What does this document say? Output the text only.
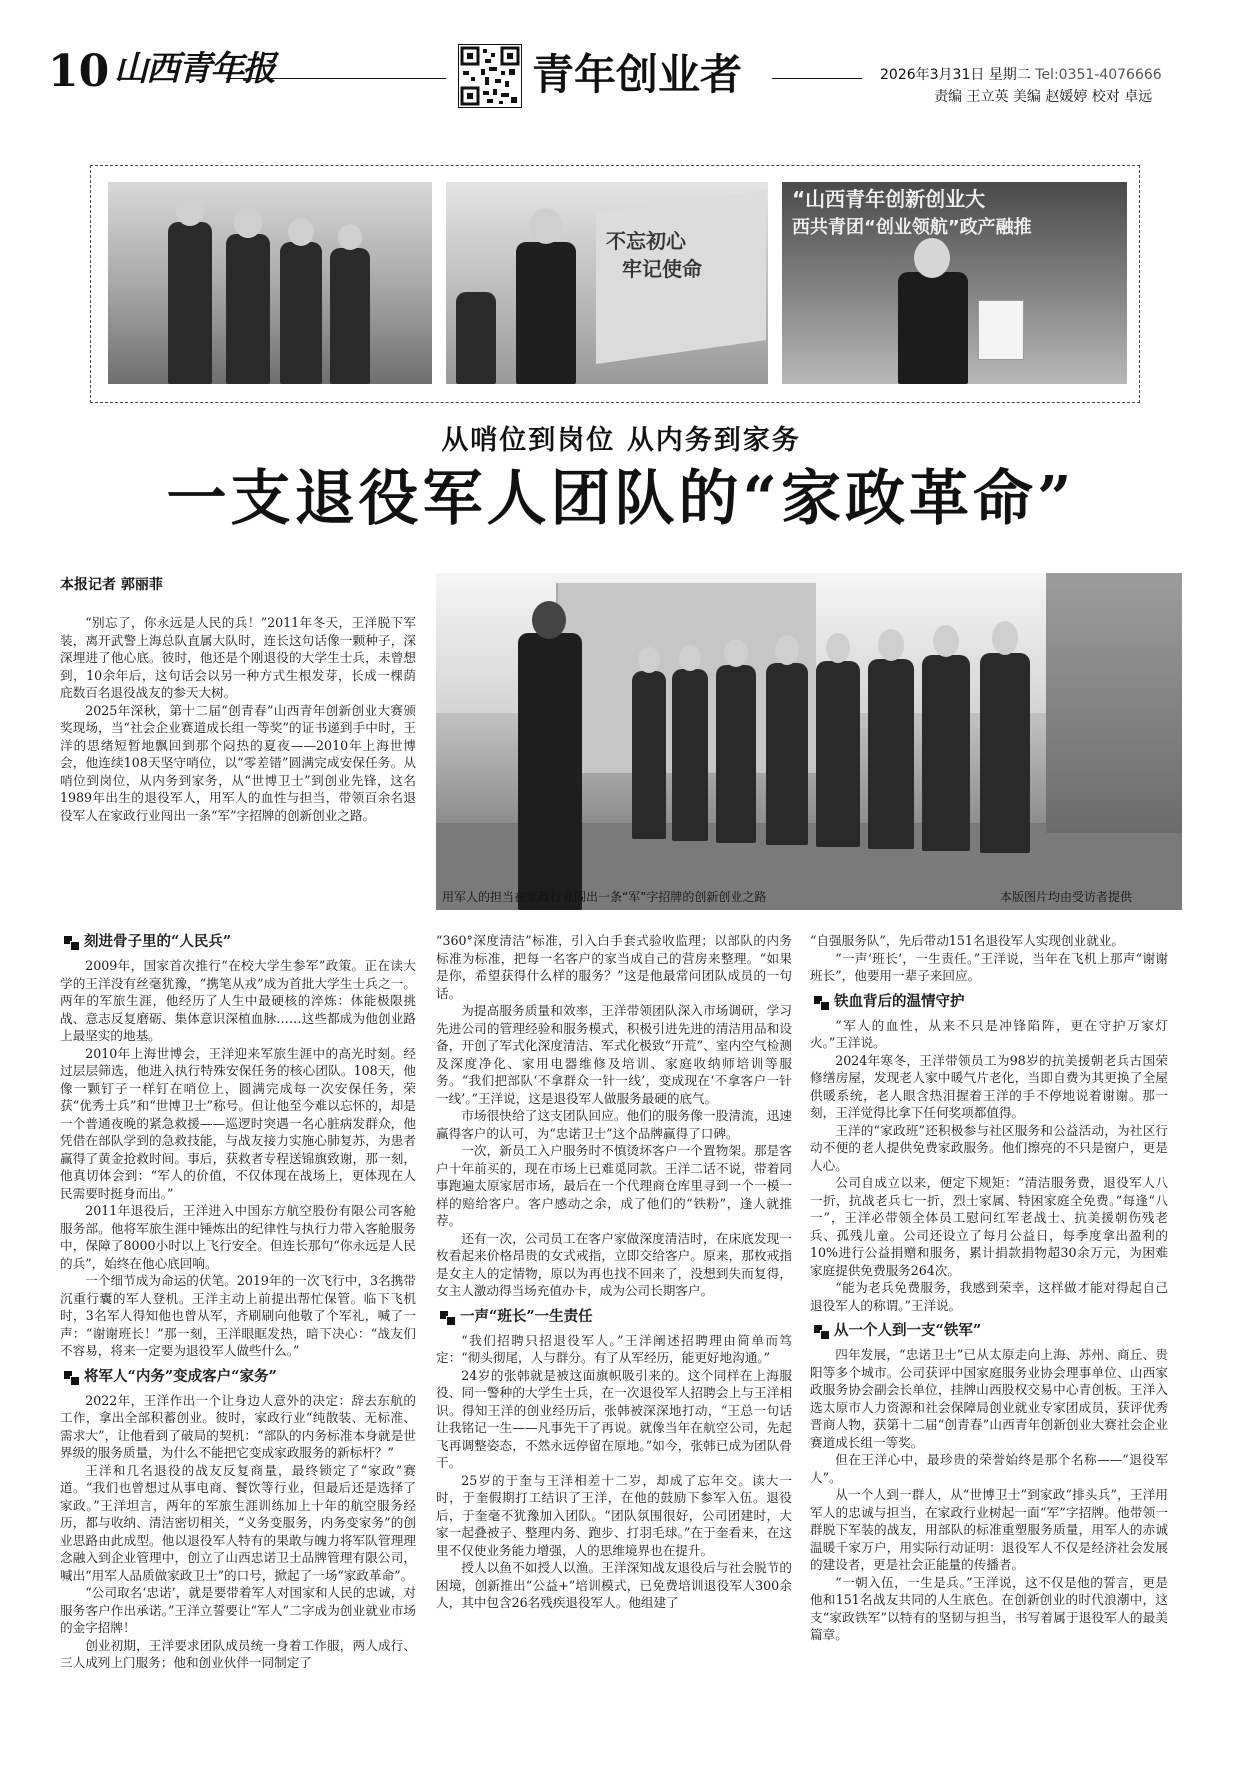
10 山西青年报	青年创业者	2026年3月31日 星期二 Tel:0351-4076666
责编 王立英 美编 赵媛婷 校对 卓远
不忘初心
牢记使命
“山西青年创新创业大
西共青团“创业领航”政产融推
从哨位到岗位 从内务到家务
一支退役军人团队的“家政革命”
本报记者 郭丽菲
用军人的担当在家政行业闯出一条“军”字招牌的创新创业之路	本版图片均由受访者提供

“别忘了，你永远是人民的兵！”2011年冬天，王洋脱下军装，离开武警上海总队直属大队时，连长这句话像一颗种子，深深埋进了他心底。彼时，他还是个刚退役的大学生士兵，未曾想到，10余年后，这句话会以另一种方式生根发芽，长成一棵荫庇数百名退役战友的参天大树。

2025年深秋，第十二届“创青春”山西青年创新创业大赛颁奖现场，当“社会企业赛道成长组一等奖”的证书递到手中时，王洋的思绪短暂地飘回到那个闷热的夏夜——2010年上海世博会，他连续108天坚守哨位，以“零差错”圆满完成安保任务。从哨位到岗位，从内务到家务，从“世博卫士”到创业先锋，这名1989年出生的退役军人，用军人的血性与担当，带领百余名退役军人在家政行业闯出一条“军”字招牌的创新创业之路。

刻进骨子里的“人民兵”

2009年，国家首次推行“在校大学生参军”政策。正在读大学的王洋没有丝毫犹豫，“携笔从戎”成为首批大学生士兵之一。两年的军旅生涯，他经历了人生中最硬核的淬炼：体能极限挑战、意志反复磨砺、集体意识深植血脉……这些都成为他创业路上最坚实的地基。

2010年上海世博会，王洋迎来军旅生涯中的高光时刻。经过层层筛选，他进入执行特殊安保任务的核心团队。108天，他像一颗钉子一样钉在哨位上，圆满完成每一次安保任务，荣获“优秀士兵”和“世博卫士”称号。但让他至今难以忘怀的，却是一个普通夜晚的紧急救援——巡逻时突遇一名心脏病发群众，他凭借在部队学到的急救技能，与战友接力实施心肺复苏，为患者赢得了黄金抢救时间。事后，获救者专程送锦旗致谢，那一刻，他真切体会到：“军人的价值，不仅体现在战场上，更体现在人民需要时挺身而出。”

2011年退役后，王洋进入中国东方航空股份有限公司客舱服务部。他将军旅生涯中锤炼出的纪律性与执行力带入客舱服务中，保障了8000小时以上飞行安全。但连长那句“你永远是人民的兵”，始终在他心底回响。

一个细节成为命运的伏笔。2019年的一次飞行中，3名携带沉重行囊的军人登机。王洋主动上前提出帮忙保管。临下飞机时，3名军人得知他也曾从军，齐刷刷向他敬了个军礼，喊了一声：“谢谢班长！”那一刻，王洋眼眶发热，暗下决心：“战友们不容易，将来一定要为退役军人做些什么。”

将军人“内务”变成客户“家务”

2022年，王洋作出一个让身边人意外的决定：辞去东航的工作，拿出全部积蓄创业。彼时，家政行业“纯散装、无标准、需求大”，让他看到了破局的契机：“部队的内务标准本身就是世界级的服务质量，为什么不能把它变成家政服务的新标杆？”

王洋和几名退役的战友反复商量，最终锁定了“家政”赛道。“我们也曾想过从事电商、餐饮等行业，但最后还是选择了家政。”王洋坦言，两年的军旅生涯训练加上十年的航空服务经历，都与收纳、清洁密切相关，“义务变服务，内务变家务”的创业思路由此成型。他以退役军人特有的果敢与魄力将军队管理理念融入到企业管理中，创立了山西忠诺卫士品牌管理有限公司，喊出“用军人品质做家政卫士”的口号，掀起了一场“家政革命”。

“公司取名‘忠诺’，就是要带着军人对国家和人民的忠诚，对服务客户作出承诺。”王洋立誓要让“军人”二字成为创业就业市场的金字招牌！

创业初期，王洋要求团队成员统一身着工作服，两人成行、三人成列上门服务；他和创业伙伴一同制定了

“360°深度清洁”标准，引入白手套式验收监理；以部队的内务标准为标准，把每一名客户的家当成自己的营房来整理。“如果是你，希望获得什么样的服务？”这是他最常问团队成员的一句话。

为提高服务质量和效率，王洋带领团队深入市场调研，学习先进公司的管理经验和服务模式，积极引进先进的清洁用品和设备，开创了军式化深度清洁、军式化极致“开荒”、室内空气检测及深度净化、家用电器维修及培训、家庭收纳师培训等服务。“我们把部队‘不拿群众一针一线’，变成现在‘不拿客户一针一线’。”王洋说，这是退役军人做服务最硬的底气。

市场很快给了这支团队回应。他们的服务像一股清流，迅速赢得客户的认可，为“忠诺卫士”这个品牌赢得了口碑。

一次，新员工入户服务时不慎烫坏客户一个置物架。那是客户十年前买的，现在市场上已难觅同款。王洋二话不说，带着同事跑遍太原家居市场，最后在一个代理商仓库里寻到一个一模一样的赔给客户。客户感动之余，成了他们的“铁粉”，逢人就推荐。

还有一次，公司员工在客户家做深度清洁时，在床底发现一枚看起来价格昂贵的女式戒指，立即交给客户。原来，那枚戒指是女主人的定情物，原以为再也找不回来了，没想到失而复得，女主人激动得当场充值办卡，成为公司长期客户。

一声“班长”一生责任

“我们招聘只招退役军人。”王洋阐述招聘理由简单而笃定：“彻头彻尾，人与群分。有了从军经历，能更好地沟通。”

24岁的张韩就是被这面旗帜吸引来的。这个同样在上海服役、同一警种的大学生士兵，在一次退役军人招聘会上与王洋相识。得知王洋的创业经历后，张韩被深深地打动，“王总一句话让我铭记一生——凡事先干了再说。就像当年在航空公司，先起飞再调整姿态，不然永远停留在原地。”如今，张韩已成为团队骨干。

25岁的于奎与王洋相差十二岁，却成了忘年交。读大一时，于奎假期打工结识了王洋，在他的鼓励下参军入伍。退役后，于奎毫不犹豫加入团队。“团队氛围很好，公司团建时，大家一起叠被子、整理内务、跑步、打羽毛球。”在于奎看来，在这里不仅使业务能力增强，人的思维境界也在提升。

授人以鱼不如授人以渔。王洋深知战友退役后与社会脱节的困境，创新推出“公益+”培训模式，已免费培训退役军人300余人，其中包含26名残疾退役军人。他组建了

“自强服务队”，先后带动151名退役军人实现创业就业。

“一声‘班长’，一生责任。”王洋说，当年在飞机上那声“谢谢班长”，他要用一辈子来回应。

铁血背后的温情守护

“军人的血性，从来不只是冲锋陷阵，更在守护万家灯火。”王洋说。

2024年寒冬，王洋带领员工为98岁的抗美援朝老兵古国荣修缮房屋，发现老人家中暖气片老化，当即自费为其更换了全屋供暖系统，老人眼含热泪握着王洋的手不停地说着谢谢。那一刻，王洋觉得比拿下任何奖项都值得。

王洋的“家政班”还积极参与社区服务和公益活动，为社区行动不便的老人提供免费家政服务。他们擦亮的不只是窗户，更是人心。

公司自成立以来，便定下规矩：“清洁服务费，退役军人八一折，抗战老兵七一折，烈士家属、特困家庭全免费。”每逢“八一”，王洋必带领全体员工慰问红军老战士、抗美援朝伤残老兵、孤残儿童。公司还设立了每月公益日，每季度拿出盈利的10%进行公益捐赠和服务，累计捐款捐物超30余万元，为困难家庭提供免费服务264次。

“能为老兵免费服务，我感到荣幸，这样做才能对得起自己退役军人的称谓。”王洋说。

从一个人到一支“铁军”

四年发展，“忠诺卫士”已从太原走向上海、苏州、商丘、贵阳等多个城市。公司获评中国家庭服务业协会理事单位、山西家政服务协会副会长单位，挂牌山西股权交易中心青创板。王洋入选太原市人力资源和社会保障局创业就业专家团成员，获评优秀晋商人物，获第十二届“创青春”山西青年创新创业大赛社会企业赛道成长组一等奖。

但在王洋心中，最珍贵的荣誉始终是那个名称——“退役军人”。

从一个人到一群人，从“世博卫士”到家政“排头兵”，王洋用军人的忠诚与担当，在家政行业树起一面“军”字招牌。他带领一群脱下军装的战友，用部队的标准重塑服务质量，用军人的赤诚温暖千家万户，用实际行动证明：退役军人不仅是经济社会发展的建设者，更是社会正能量的传播者。

“一朝入伍，一生是兵。”王洋说，这不仅是他的誓言，更是他和151名战友共同的人生底色。在创新创业的时代浪潮中，这支“家政铁军”以特有的坚韧与担当，书写着属于退役军人的最美篇章。
